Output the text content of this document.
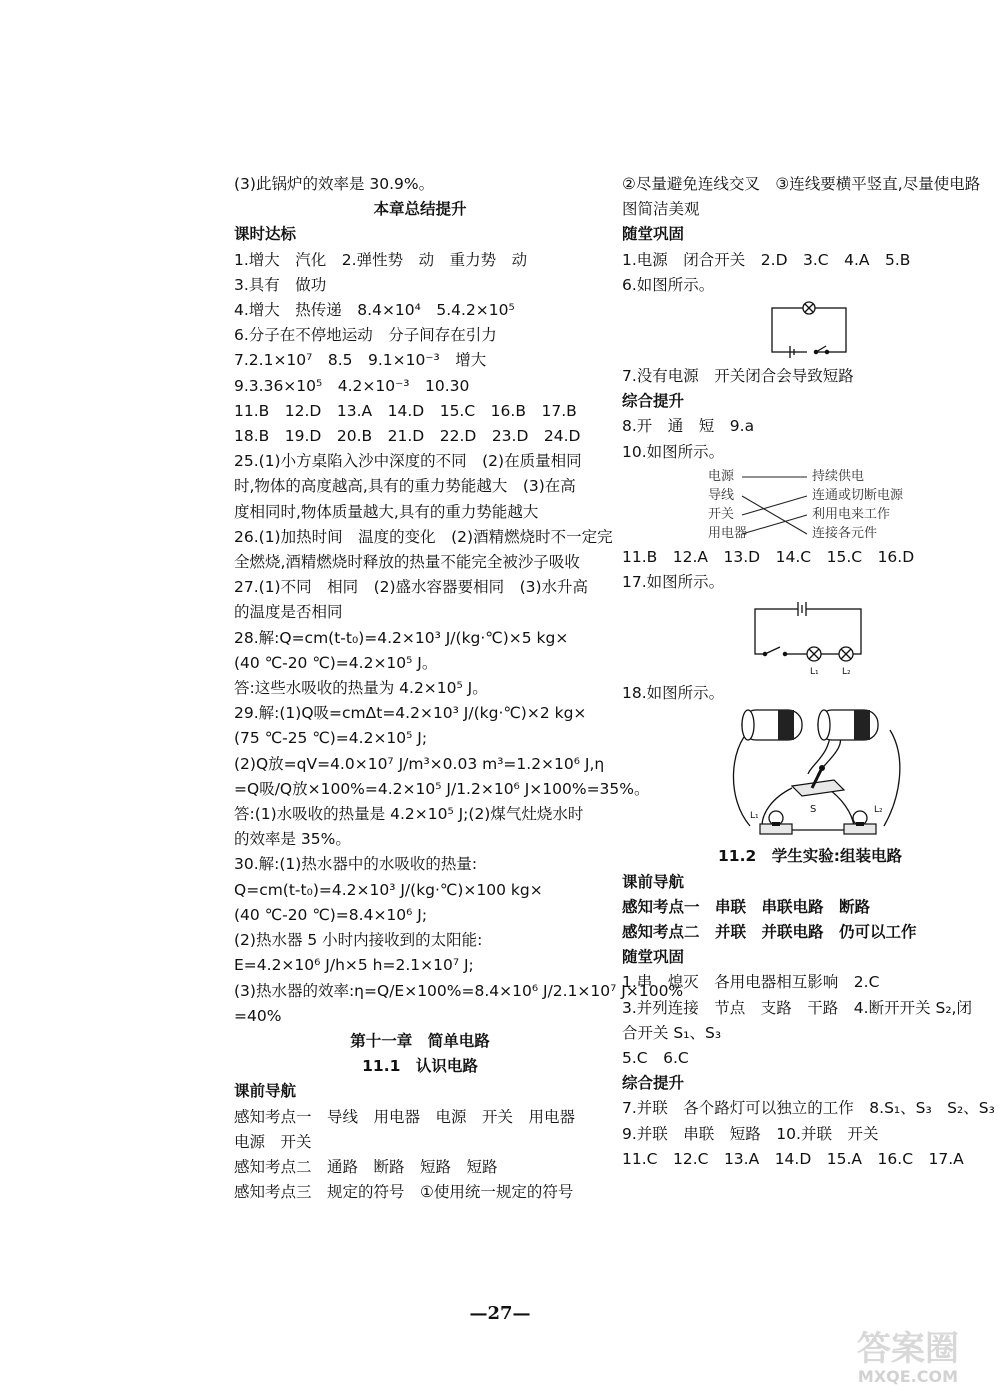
(3)此锅炉的效率是 30.9%。
本章总结提升
课时达标
1.增大　汽化　2.弹性势　动　重力势　动
3.具有　做功
4.增大　热传递　8.4×10⁴　5.4.2×10⁵
6.分子在不停地运动　分子间存在引力
7.2.1×10⁷　8.5　9.1×10⁻³　增大
9.3.36×10⁵　4.2×10⁻³　10.30
11.B　12.D　13.A　14.D　15.C　16.B　17.B
18.B　19.D　20.B　21.D　22.D　23.D　24.D
25.(1)小方桌陷入沙中深度的不同　(2)在质量相同
时,物体的高度越高,具有的重力势能越大　(3)在高
度相同时,物体质量越大,具有的重力势能越大
26.(1)加热时间　温度的变化　(2)酒精燃烧时不一定完
全燃烧,酒精燃烧时释放的热量不能完全被沙子吸收
27.(1)不同　相同　(2)盛水容器要相同　(3)水升高
的温度是否相同
28.解:Q=cm(t-t₀)=4.2×10³ J/(kg·℃)×5 kg×
(40 ℃-20 ℃)=4.2×10⁵ J。
答:这些水吸收的热量为 4.2×10⁵ J。
29.解:(1)Q吸=cmΔt=4.2×10³ J/(kg·℃)×2 kg×
(75 ℃-25 ℃)=4.2×10⁵ J;
(2)Q放=qV=4.0×10⁷ J/m³×0.03 m³=1.2×10⁶ J,η
=Q吸/Q放×100%=4.2×10⁵ J/1.2×10⁶ J×100%=35%。
答:(1)水吸收的热量是 4.2×10⁵ J;(2)煤气灶烧水时
的效率是 35%。
30.解:(1)热水器中的水吸收的热量:
Q=cm(t-t₀)=4.2×10³ J/(kg·℃)×100 kg×
(40 ℃-20 ℃)=8.4×10⁶ J;
(2)热水器 5 小时内接收到的太阳能:
E=4.2×10⁶ J/h×5 h=2.1×10⁷ J;
(3)热水器的效率:η=Q/E×100%=8.4×10⁶ J/2.1×10⁷ J×100%
=40%
第十一章　简单电路
11.1　认识电路
课前导航
感知考点一　导线　用电器　电源　开关　用电器
电源　开关
感知考点二　通路　断路　短路　短路
感知考点三　规定的符号　①使用统一规定的符号
②尽量避免连线交叉　③连线要横平竖直,尽量使电路
图简洁美观
随堂巩固
1.电源　闭合开关　2.D　3.C　4.A　5.B
6.如图所示。
7.没有电源　开关闭合会导致短路
综合提升
8.开　通　短　9.a
10.如图所示。
电源
导线
开关
用电器
持续供电
连通或切断电源
利用电来工作
连接各元件
11.B　12.A　13.D　14.C　15.C　16.D
17.如图所示。
L₁	L₂
18.如图所示。
S
L₁
L₂
11.2　学生实验:组装电路
课前导航
感知考点一　串联　串联电路　断路
感知考点二　并联　并联电路　仍可以工作
随堂巩固
1.串　熄灭　各用电器相互影响　2.C
3.并列连接　节点　支路　干路　4.断开开关 S₂,闭
合开关 S₁、S₃
5.C　6.C
综合提升
7.并联　各个路灯可以独立的工作　8.S₁、S₃　S₂、S₃
9.并联　串联　短路　10.并联　开关
11.C　12.C　13.A　14.D　15.A　16.C　17.A
—27—
答案圈
MXQE.COM
